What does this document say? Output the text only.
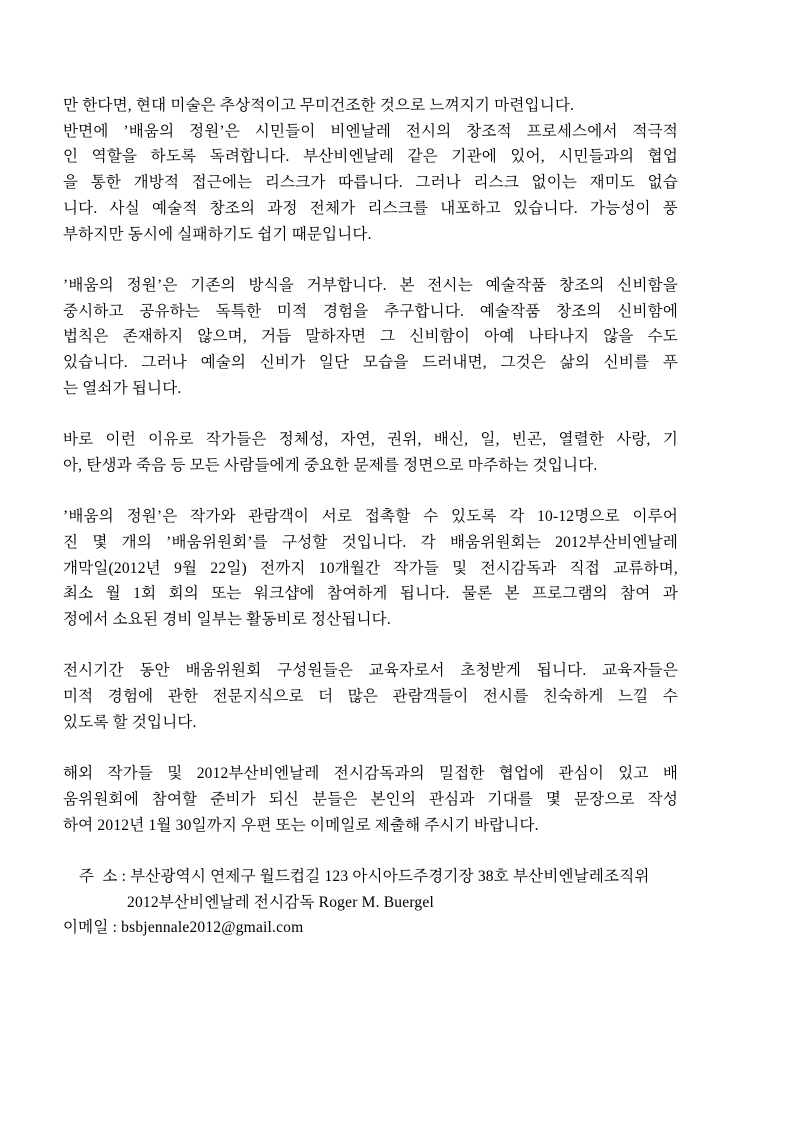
만 한다면, 현대 미술은 추상적이고 무미건조한 것으로 느껴지기 마련입니다.
반면에 ’배움의 정원’은 시민들이 비엔날레 전시의 창조적 프로세스에서 적극적
인 역할을 하도록 독려합니다. 부산비엔날레 같은 기관에 있어, 시민들과의 협업
을 통한 개방적 접근에는 리스크가 따릅니다. 그러나 리스크 없이는 재미도 없습
니다. 사실 예술적 창조의 과정 전체가 리스크를 내포하고 있습니다. 가능성이 풍
부하지만 동시에 실패하기도 쉽기 때문입니다.
’배움의 정원’은 기존의 방식을 거부합니다. 본 전시는 예술작품 창조의 신비함을
중시하고 공유하는 독특한 미적 경험을 추구합니다. 예술작품 창조의 신비함에
법칙은 존재하지 않으며, 거듭 말하자면 그 신비함이 아예 나타나지 않을 수도
있습니다. 그러나 예술의 신비가 일단 모습을 드러내면, 그것은 삶의 신비를 푸
는 열쇠가 됩니다.
바로 이런 이유로 작가들은 정체성, 자연, 권위, 배신, 일, 빈곤, 열렬한 사랑, 기
아, 탄생과 죽음 등 모든 사람들에게 중요한 문제를 정면으로 마주하는 것입니다.
’배움의 정원’은 작가와 관람객이 서로 접촉할 수 있도록 각 10-12명으로 이루어
진 몇 개의 ’배움위원회’를 구성할 것입니다. 각 배움위원회는 2012부산비엔날레
개막일(2012년 9월 22일) 전까지 10개월간 작가들 및 전시감독과 직접 교류하며,
최소 월 1회 회의 또는 워크샵에 참여하게 됩니다. 물론 본 프로그램의 참여 과
정에서 소요된 경비 일부는 활동비로 정산됩니다.
전시기간 동안 배움위원회 구성원들은 교육자로서 초청받게 됩니다. 교육자들은
미적 경험에 관한 전문지식으로 더 많은 관람객들이 전시를 친숙하게 느낄 수
있도록 할 것입니다.
해외 작가들 및 2012부산비엔날레 전시감독과의 밀접한 협업에 관심이 있고 배
움위원회에 참여할 준비가 되신 분들은 본인의 관심과 기대를 몇 문장으로 작성
하여 2012년 1월 30일까지 우편 또는 이메일로 제출해 주시기 바랍니다.
주  소 : 부산광역시 연제구 월드컵길 123 아시아드주경기장 38호 부산비엔날레조직위
2012부산비엔날레 전시감독 Roger M. Buergel
이메일 : bsbjennale2012@gmail.com
